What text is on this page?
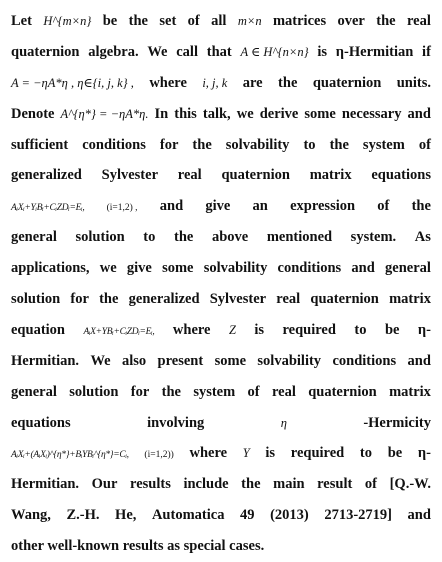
Let H^{m×n} be the set of all m×n matrices over the real
quaternion algebra. We call that A ∈ H^{n×n} is η-Hermitian if
A = −ηA*η , η∈{i, j, k} , where i, j, k are the quaternion units.
Denote A^{η*} = −ηA*η. In this talk, we derive some necessary and
sufficient conditions for the solvability to the system of
generalized Sylvester real quaternion matrix equations
AᵢXᵢ+YᵢBᵢ+CᵢZDᵢ=Eᵢ, (i=1,2) , and give an expression of the
general solution to the above mentioned system. As
applications, we give some solvability conditions and general
solution for the generalized Sylvester real quaternion matrix
equation AᵢX+YBᵢ+CᵢZDᵢ=Eᵢ, where Z is required to be η-
Hermitian. We also present some solvability conditions and
general solution for the system of real quaternion matrix
equations	involving	η	-Hermicity
AᵢXᵢ+(AᵢXᵢ)^{η*}+BᵢYBᵢ^{η*}=Cᵢ, (i=1,2)) where Y is required to be η-
Hermitian. Our results include the main result of [Q.-W.
Wang, Z.-H. He, Automatica 49 (2013) 2713-2719] and
other well-known results as special cases.
